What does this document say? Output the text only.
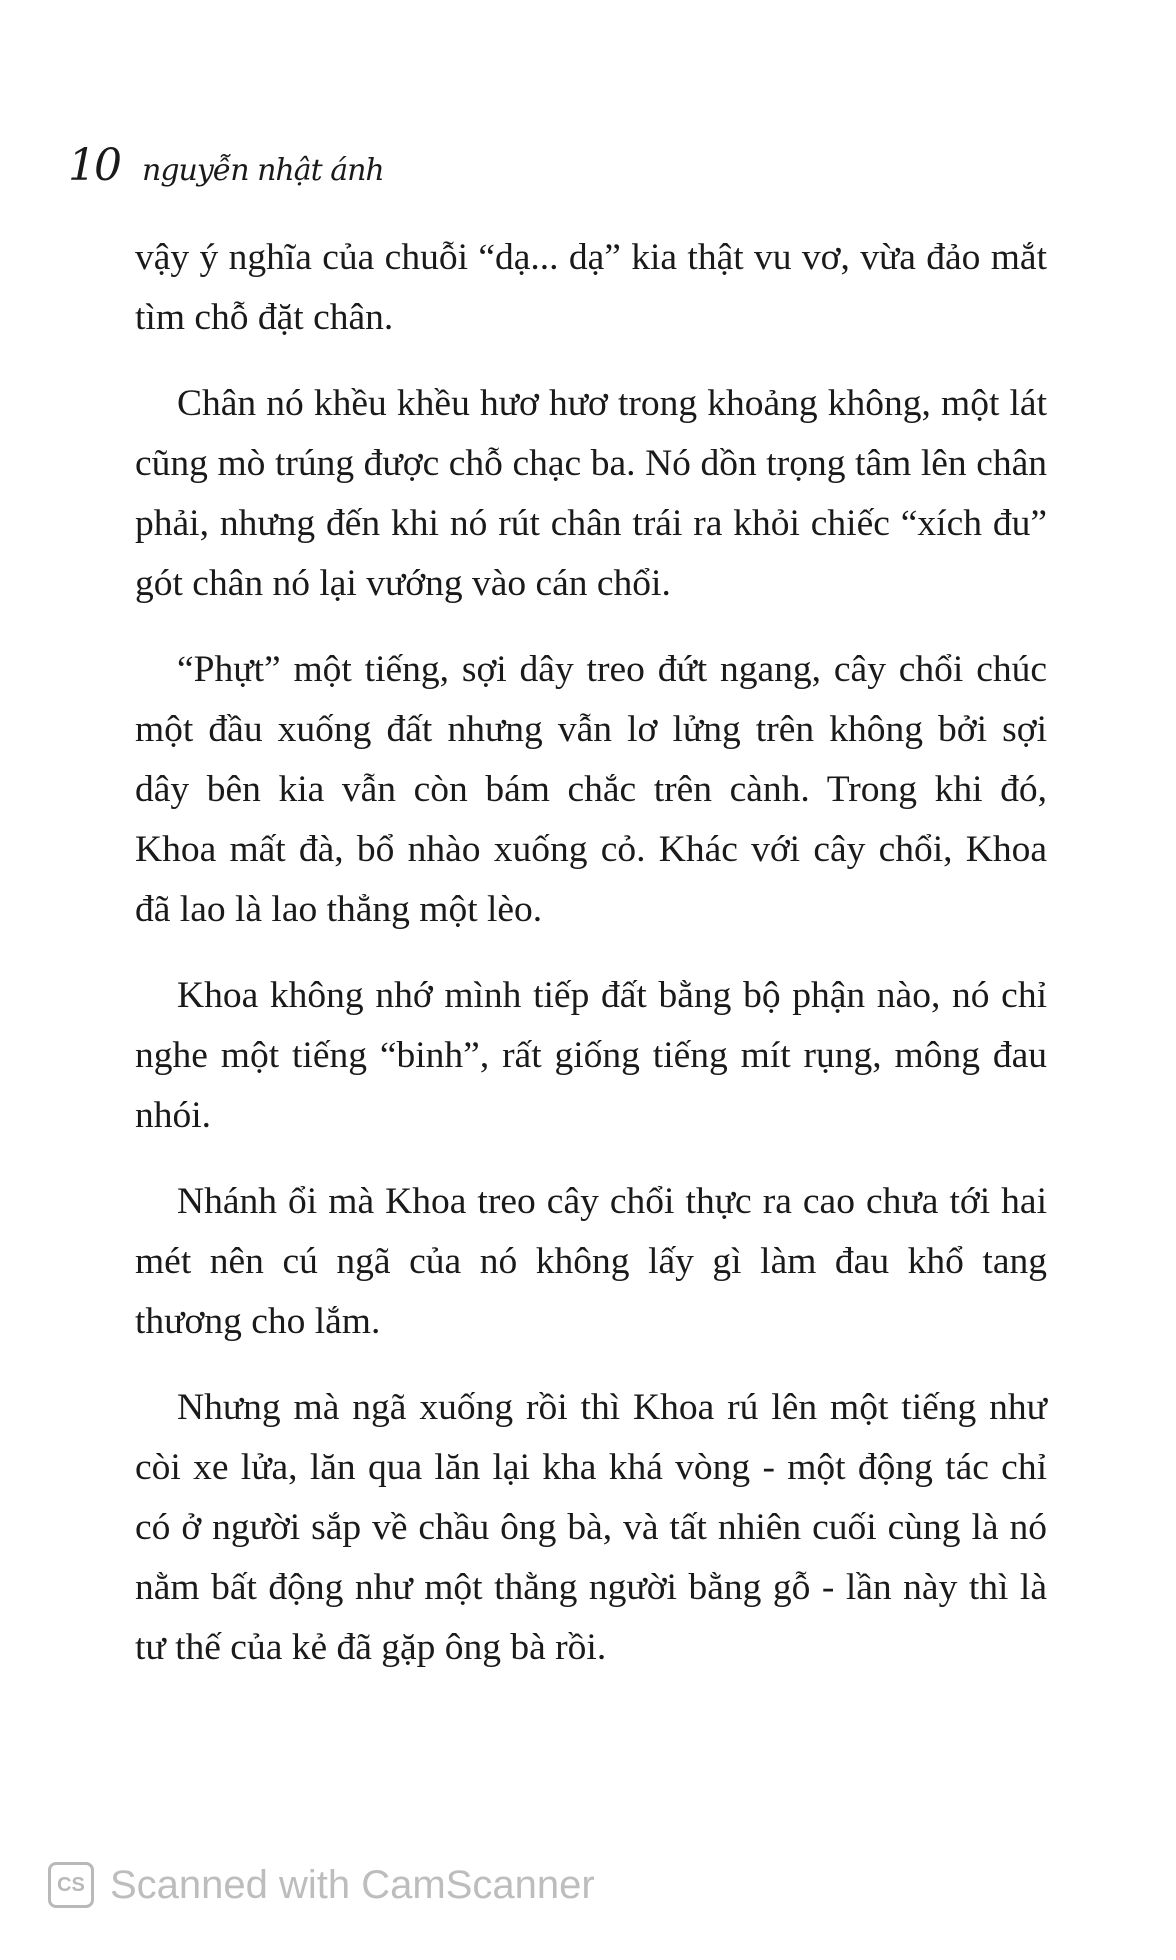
10 nguyễn nhật ánh

vậy ý nghĩa của chuỗi “dạ... dạ” kia thật vu vơ, vừa đảo mắt tìm chỗ đặt chân.

Chân nó khều khều hươ hươ trong khoảng không, một lát cũng mò trúng được chỗ chạc ba. Nó dồn trọng tâm lên chân phải, nhưng đến khi nó rút chân trái ra khỏi chiếc “xích đu” gót chân nó lại vướng vào cán chổi.

“Phựt” một tiếng, sợi dây treo đứt ngang, cây chổi chúc một đầu xuống đất nhưng vẫn lơ lửng trên không bởi sợi dây bên kia vẫn còn bám chắc trên cành. Trong khi đó, Khoa mất đà, bổ nhào xuống cỏ. Khác với cây chổi, Khoa đã lao là lao thẳng một lèo.

Khoa không nhớ mình tiếp đất bằng bộ phận nào, nó chỉ nghe một tiếng “binh”, rất giống tiếng mít rụng, mông đau nhói.

Nhánh ổi mà Khoa treo cây chổi thực ra cao chưa tới hai mét nên cú ngã của nó không lấy gì làm đau khổ tang thương cho lắm.

Nhưng mà ngã xuống rồi thì Khoa rú lên một tiếng như còi xe lửa, lăn qua lăn lại kha khá vòng - một động tác chỉ có ở người sắp về chầu ông bà, và tất nhiên cuối cùng là nó nằm bất động như một thằng người bằng gỗ - lần này thì là tư thế của kẻ đã gặp ông bà rồi.

CS Scanned with CamScanner
